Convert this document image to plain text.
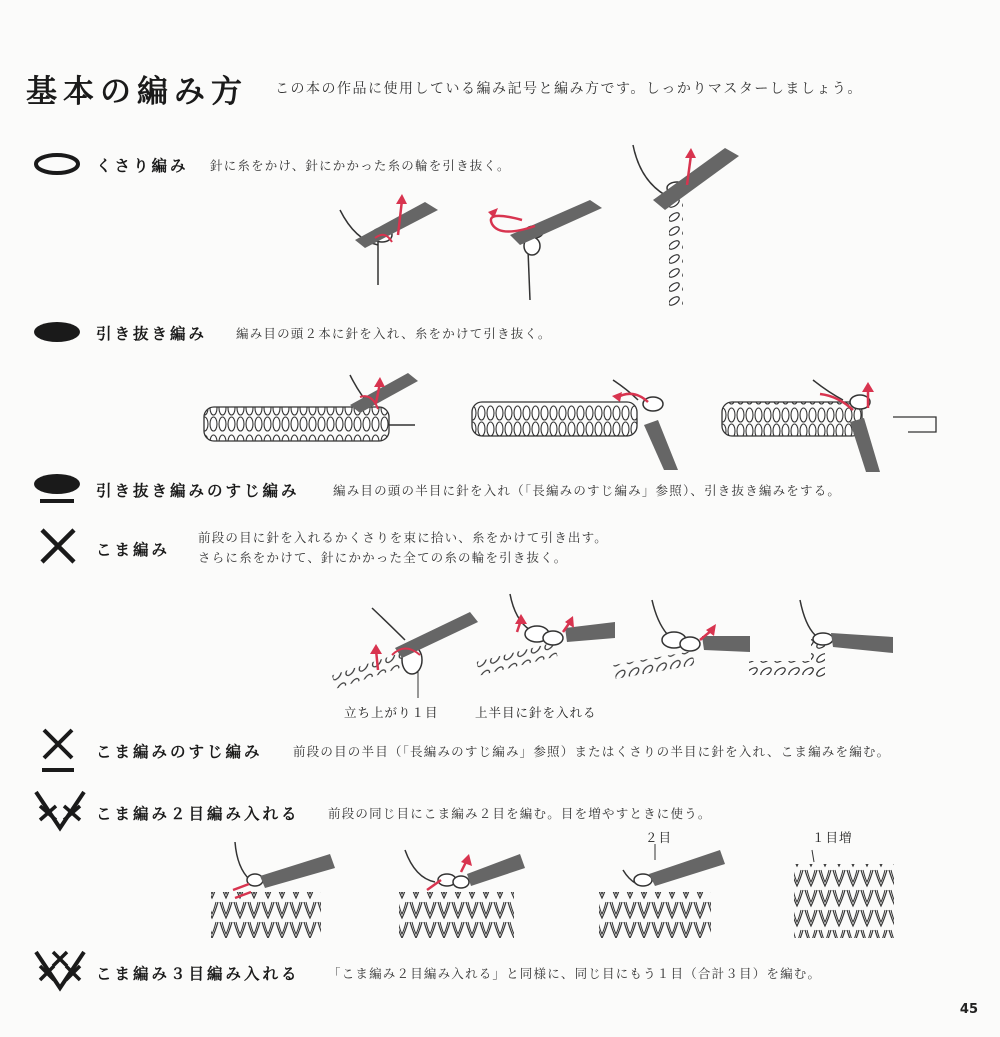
基本の編み方 この本の作品に使用している編み記号と編み方です。しっかりマスターしましょう。
くさり編み 針に糸をかけ、針にかかった糸の輪を引き抜く。
引き抜き編み 編み目の頭２本に針を入れ、糸をかけて引き抜く。
引き抜き編みのすじ編み	編み目の頭の半目に針を入れ（「長編みのすじ編み」参照）、引き抜き編みをする。
こま編み
前段の目に針を入れるかくさりを束に拾い、糸をかけて引き出す。
さらに糸をかけて、針にかかった全ての糸の輪を引き抜く。
立ち上がり１目	上半目に針を入れる
こま編みのすじ編み 前段の目の半目（「長編みのすじ編み」参照）またはくさりの半目に針を入れ、こま編みを編む。
こま編み２目編み入れる 前段の同じ目にこま編み２目を編む。目を増やすときに使う。
２目	１目増
こま編み３目編み入れる 「こま編み２目編み入れる」と同様に、同じ目にもう１目（合計３目）を編む。
45
